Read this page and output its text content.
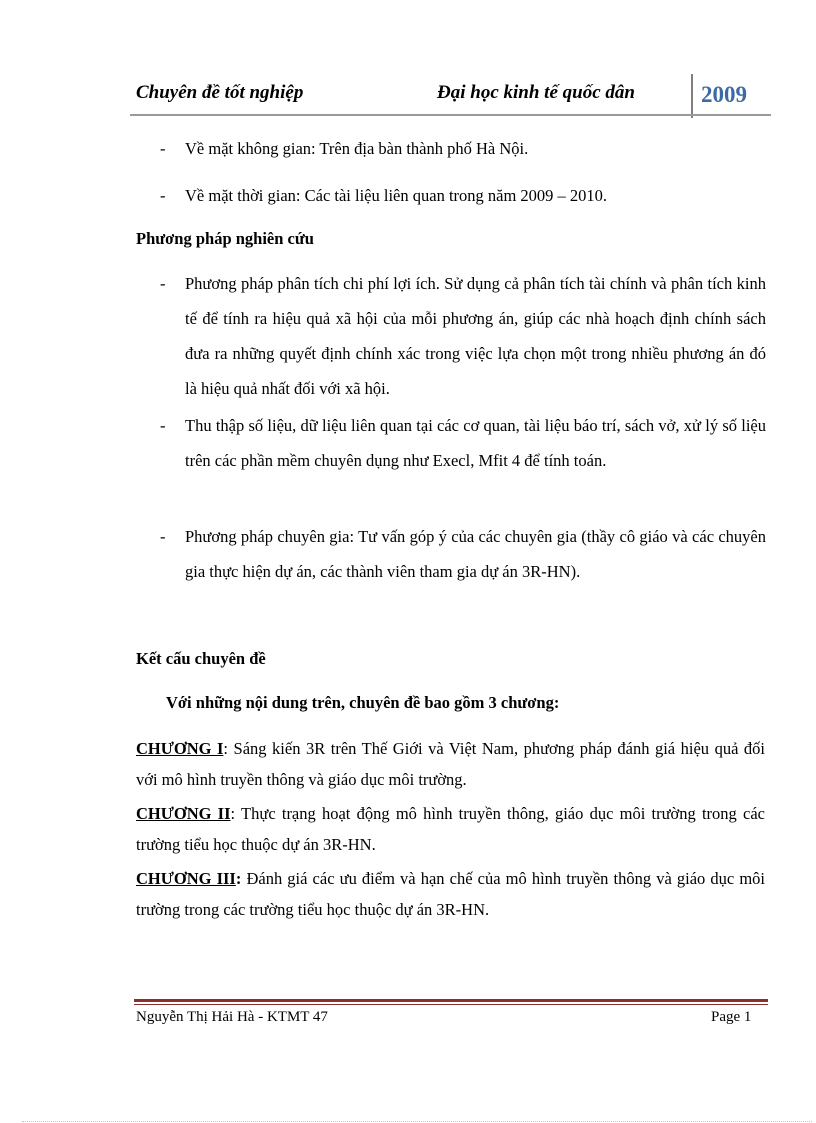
Chuyên đề tốt nghiệp	Đại học kinh tế quốc dân	2009
- Về mặt không gian: Trên địa bàn thành phố Hà Nội.
- Về mặt thời gian: Các tài liệu liên quan trong năm 2009 – 2010.
Phương pháp nghiên cứu
- Phương pháp phân tích chi phí lợi ích. Sử dụng cả phân tích tài chính và phân tích kinh tế để tính ra hiệu quả xã hội của mỗi phương án, giúp các nhà hoạch định chính sách đưa ra những quyết định chính xác trong việc lựa chọn một trong nhiều phương án đó là hiệu quả nhất đối với xã hội.
- Thu thập số liệu, dữ liệu liên quan tại các cơ quan, tài liệu báo trí, sách vở, xử lý số liệu trên các phần mềm chuyên dụng như Execl, Mfit 4 để tính toán.
- Phương pháp chuyên gia: Tư vấn góp ý của các chuyên gia (thầy cô giáo và các chuyên gia thực hiện dự án, các thành viên tham gia dự án 3R-HN).
Kết cấu chuyên đề
Với những nội dung trên, chuyên đề bao gồm 3 chương:
CHƯƠNG I: Sáng kiến 3R trên Thế Giới và Việt Nam, phương pháp đánh giá hiệu quả đối với mô hình truyền thông và giáo dục môi trường.
CHƯƠNG II: Thực trạng hoạt động mô hình truyền thông, giáo dục môi trường trong các trường tiểu học thuộc dự án 3R-HN.
CHƯƠNG III: Đánh giá các ưu điểm và hạn chế của mô hình truyền thông và giáo dục môi trường trong các trường tiểu học thuộc dự án 3R-HN.
Nguyễn Thị Hải Hà - KTMT 47	Page 1
